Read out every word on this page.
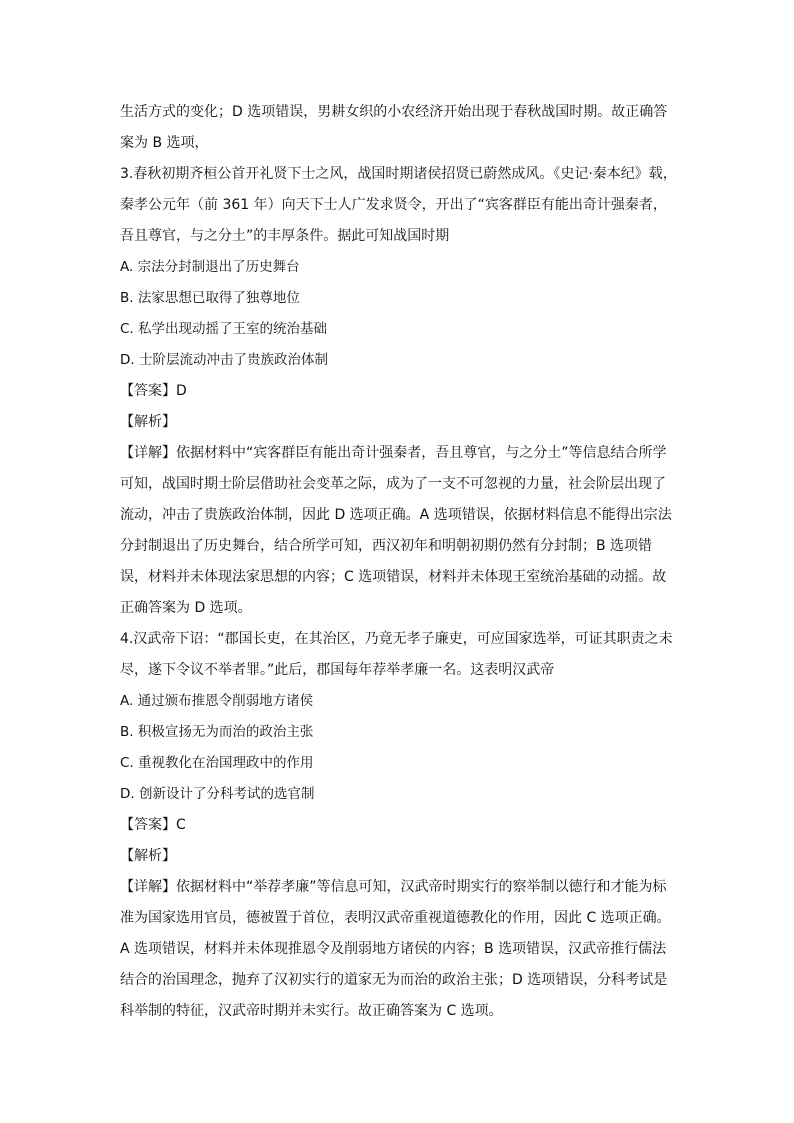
生活方式的变化；D 选项错误，男耕女织的小农经济开始出现于春秋战国时期。故正确答案为 B 选项，

3.春秋初期齐桓公首开礼贤下士之风，战国时期诸侯招贤已蔚然成风。《史记·秦本纪》载，秦孝公元年（前 361 年）向天下士人广发求贤令，开出了“宾客群臣有能出奇计强秦者，吾且尊官，与之分土”的丰厚条件。据此可知战国时期

A. 宗法分封制退出了历史舞台

B. 法家思想已取得了独尊地位

C. 私学出现动摇了王室的统治基础

D. 士阶层流动冲击了贵族政治体制

【答案】D

【解析】

【详解】依据材料中“宾客群臣有能出奇计强秦者，吾且尊官，与之分土”等信息结合所学可知，战国时期士阶层借助社会变革之际，成为了一支不可忽视的力量，社会阶层出现了流动，冲击了贵族政治体制，因此 D 选项正确。A 选项错误，依据材料信息不能得出宗法分封制退出了历史舞台，结合所学可知，西汉初年和明朝初期仍然有分封制；B 选项错误，材料并未体现法家思想的内容；C 选项错误，材料并未体现王室统治基础的动摇。故正确答案为 D 选项。

4.汉武帝下诏：“郡国长吏，在其治区，乃竟无孝子廉吏，可应国家选举，可证其职责之未尽，遂下令议不举者罪。”此后，郡国每年荐举孝廉一名。这表明汉武帝

A. 通过颁布推恩令削弱地方诸侯

B. 积极宣扬无为而治的政治主张

C. 重视教化在治国理政中的作用

D. 创新设计了分科考试的选官制

【答案】C

【解析】

【详解】依据材料中“举荐孝廉”等信息可知，汉武帝时期实行的察举制以德行和才能为标准为国家选用官员，德被置于首位，表明汉武帝重视道德教化的作用，因此 C 选项正确。A 选项错误，材料并未体现推恩令及削弱地方诸侯的内容；B 选项错误，汉武帝推行儒法结合的治国理念，抛弃了汉初实行的道家无为而治的政治主张；D 选项错误，分科考试是科举制的特征，汉武帝时期并未实行。故正确答案为 C 选项。
